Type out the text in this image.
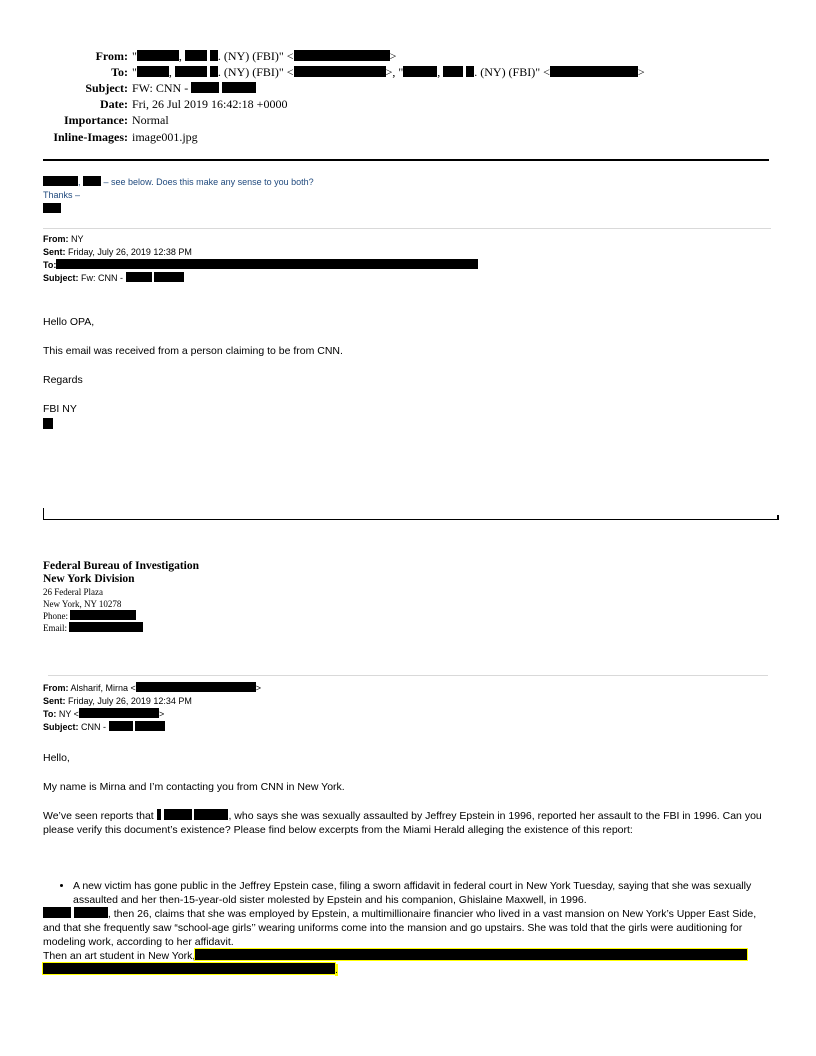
From: "	,	. (NY) (FBI)" <	>
To: "	,	. (NY) (FBI)" <	>, "	,	. (NY) (FBI)" <	>
Subject: FW: CNN -
Date: Fri, 26 Jul 2019 16:42:18 +0000
Importance: Normal
Inline-Images: image001.jpg
,  – see below. Does this make any sense to you both?
Thanks –
From: NY
Sent: Friday, July 26, 2019 12:38 PM
To:
Subject: Fw: CNN -
Hello OPA,
This email was received from a person claiming to be from CNN.
Regards
FBI NY
Federal Bureau of Investigation
New York Division
26 Federal Plaza
New York, NY 10278
Phone:
Email:
From: Alsharif, Mirna <	>
Sent: Friday, July 26, 2019 12:34 PM
To: NY <	>
Subject: CNN -
Hello,
My name is Mirna and I’m contacting you from CNN in New York.
We’ve seen reports that	, who says she was sexually assaulted by Jeffrey Epstein in 1996, reported her assault to the FBI in 1996. Can you please verify this document’s existence? Please find below excerpts from the Miami Herald alleging the existence of this report:
• A new victim has gone public in the Jeffrey Epstein case, filing a sworn affidavit in federal court in New York Tuesday, saying that she was sexually assaulted and her then-15-year-old sister molested by Epstein and his companion, Ghislaine Maxwell, in 1996.
, then 26, claims that she was employed by Epstein, a multimillionaire financier who lived in a vast mansion on New York’s Upper East Side, and that she frequently saw “school-age girls’’ wearing uniforms come into the mansion and go upstairs. She was told that the girls were auditioning for modeling work, according to her affidavit.
Then an art student in New York,
.
